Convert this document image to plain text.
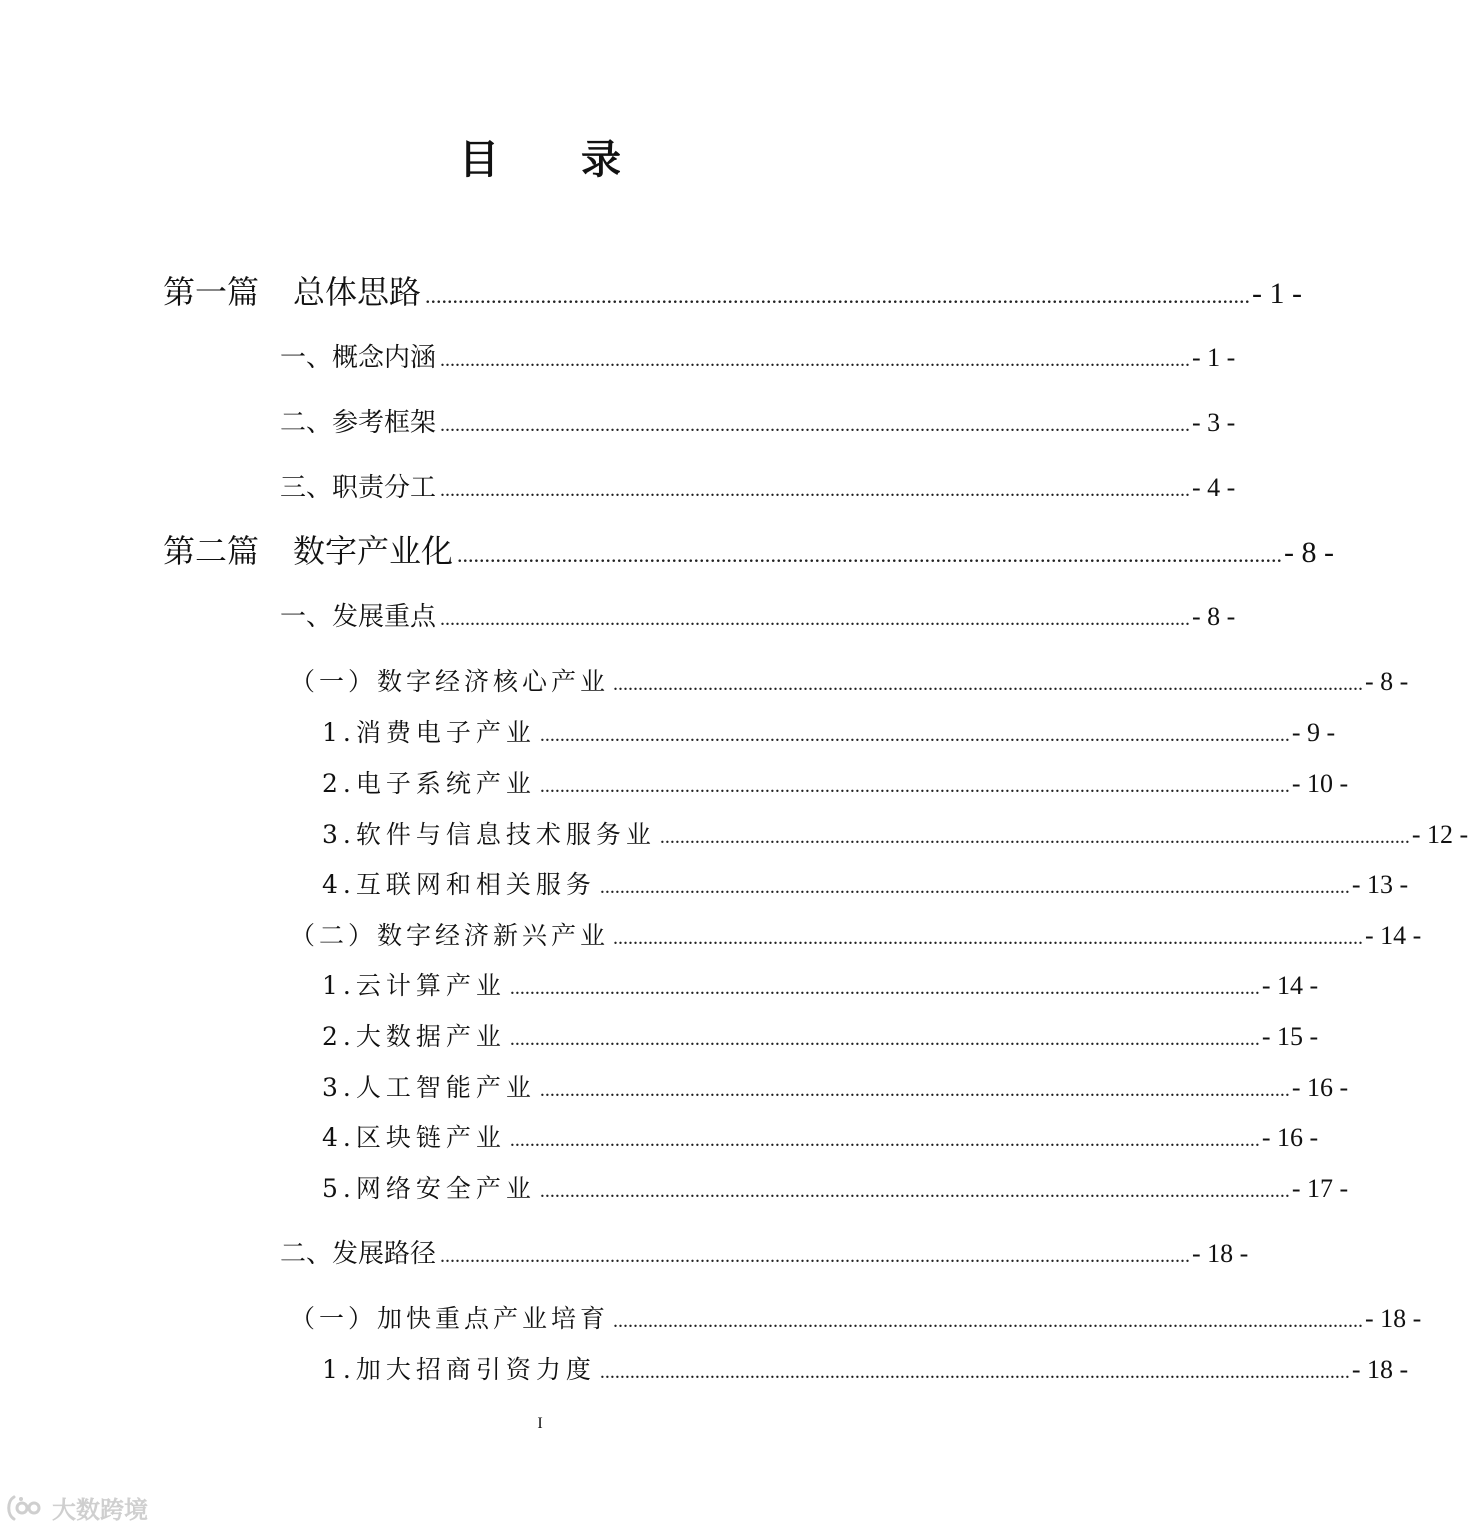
目 录
第一篇 总体思路 ...................................................................................................................................................... - 1 -
一、概念内涵 ...................................................................................................................................................... - 1 -
二、参考框架 ...................................................................................................................................................... - 3 -
三、职责分工 ...................................................................................................................................................... - 4 -
第二篇 数字产业化 ...................................................................................................................................................... - 8 -
一、发展重点 ...................................................................................................................................................... - 8 -
（一）数字经济核心产业 ...................................................................................................................................................... - 8 -
1.消费电子产业 ...................................................................................................................................................... - 9 -
2.电子系统产业 ...................................................................................................................................................... - 10 -
3.软件与信息技术服务业 ...................................................................................................................................................... - 12 -
4.互联网和相关服务 ...................................................................................................................................................... - 13 -
（二）数字经济新兴产业 ...................................................................................................................................................... - 14 -
1.云计算产业 ...................................................................................................................................................... - 14 -
2.大数据产业 ...................................................................................................................................................... - 15 -
3.人工智能产业 ...................................................................................................................................................... - 16 -
4.区块链产业 ...................................................................................................................................................... - 16 -
5.网络安全产业 ...................................................................................................................................................... - 17 -
二、发展路径 ...................................................................................................................................................... - 18 -
（一）加快重点产业培育 ...................................................................................................................................................... - 18 -
1.加大招商引资力度 ...................................................................................................................................................... - 18 -
I
大数跨境
